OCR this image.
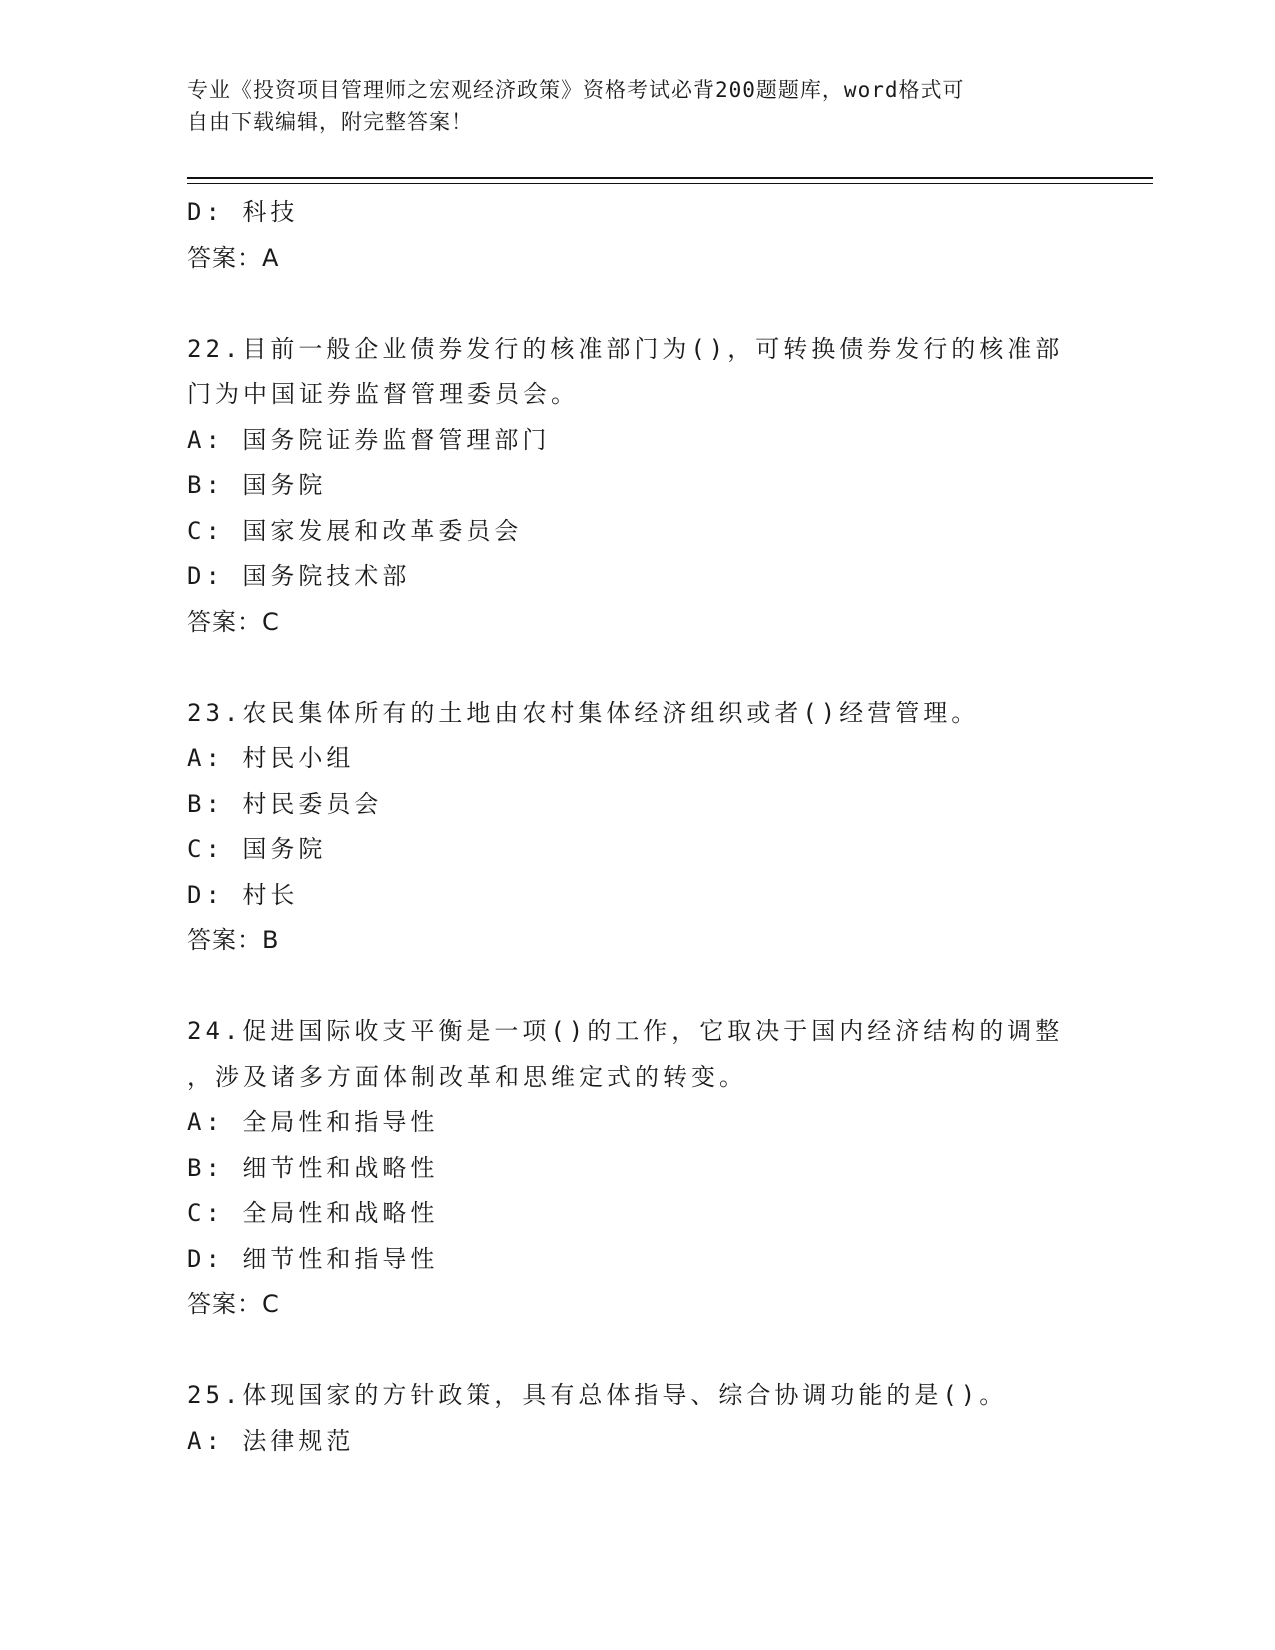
专业《投资项目管理师之宏观经济政策》资格考试必背200题题库，word格式可
自由下载编辑，附完整答案！
D: 科技
答案：A
22.目前一般企业债券发行的核准部门为()，可转换债券发行的核准部
门为中国证券监督管理委员会。
A: 国务院证券监督管理部门
B: 国务院
C: 国家发展和改革委员会
D: 国务院技术部
答案：C
23.农民集体所有的土地由农村集体经济组织或者()经营管理。
A: 村民小组
B: 村民委员会
C: 国务院
D: 村长
答案：B
24.促进国际收支平衡是一项()的工作，它取决于国内经济结构的调整
，涉及诸多方面体制改革和思维定式的转变。
A: 全局性和指导性
B: 细节性和战略性
C: 全局性和战略性
D: 细节性和指导性
答案：C
25.体现国家的方针政策，具有总体指导、综合协调功能的是()。
A: 法律规范
